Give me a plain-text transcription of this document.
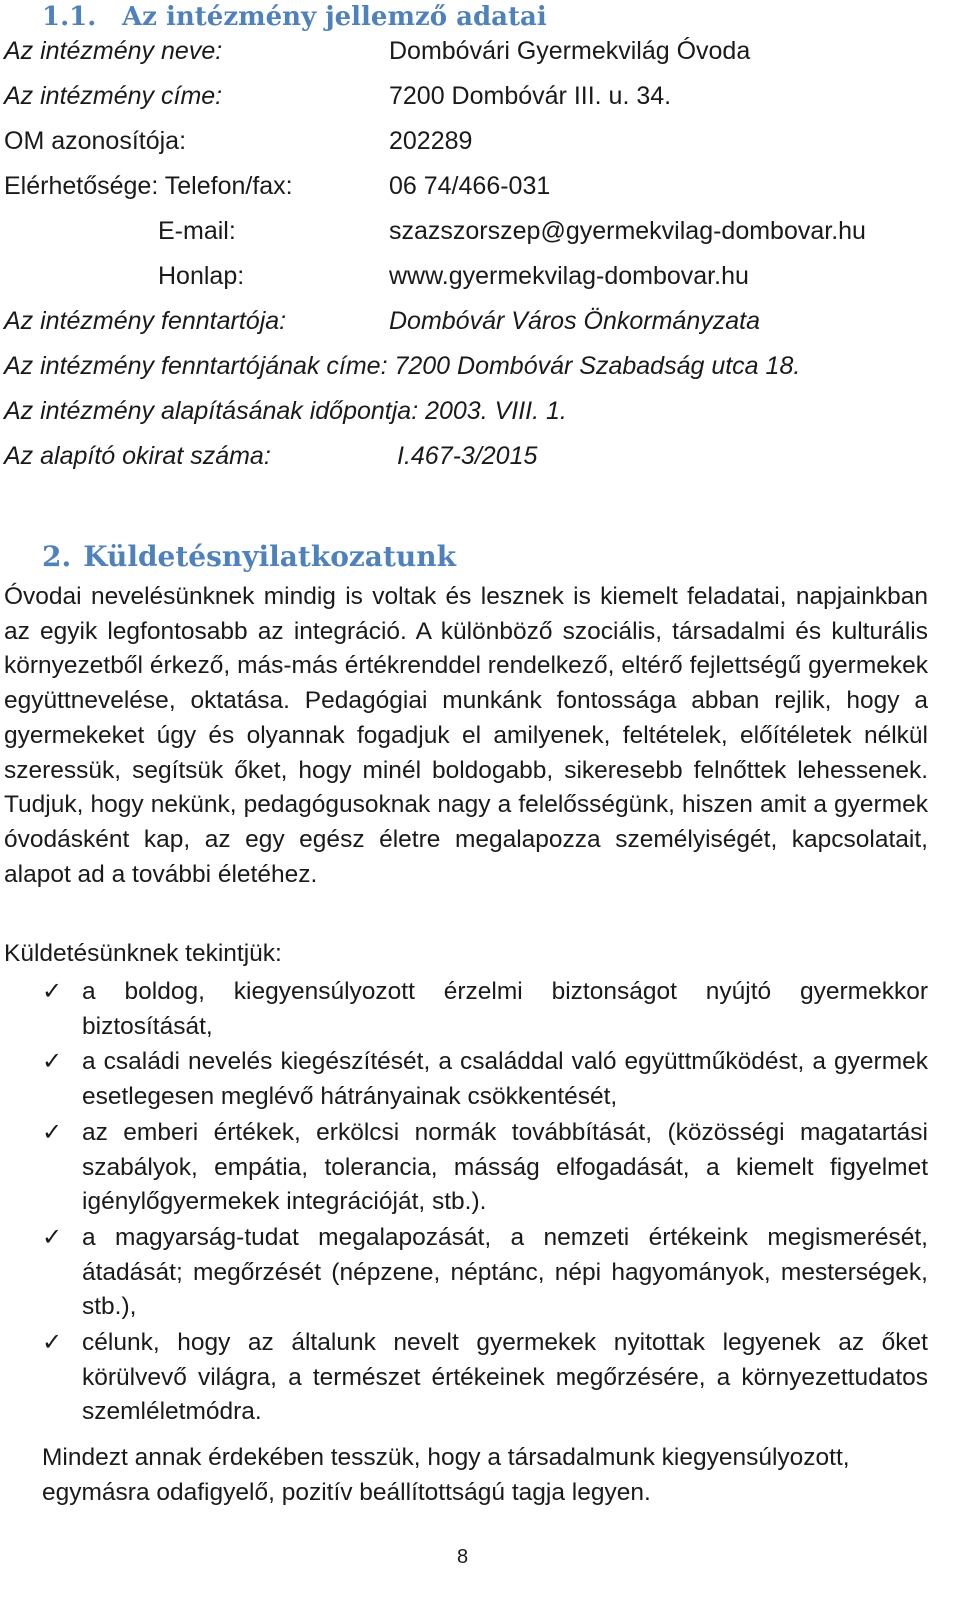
1.1. Az intézmény jellemző adatai
Az intézmény neve:	Dombóvári Gyermekvilág Óvoda
Az intézmény címe:	7200 Dombóvár III. u. 34.
OM azonosítója:	202289
Elérhetősége: Telefon/fax:	06 74/466-031
E-mail:	szazszorszep@gyermekvilag-dombovar.hu
Honlap:	www.gyermekvilag-dombovar.hu
Az intézmény fenntartója:	Dombóvár Város Önkormányzata
Az intézmény fenntartójának címe: 7200 Dombóvár Szabadság utca 18.
Az intézmény alapításának időpontja: 2003. VIII. 1.
Az alapító okirat száma:	I.467-3/2015
2. Küldetésnyilatkozatunk

Óvodai nevelésünknek mindig is voltak és lesznek is kiemelt feladatai, napjainkban az egyik legfontosabb az integráció. A különböző szociális, társadalmi és kulturális környezetből érkező, más-más értékrenddel rendelkező, eltérő fejlettségű gyermekek együttnevelése, oktatása. Pedagógiai munkánk fontossága abban rejlik, hogy a gyermekeket úgy és olyannak fogadjuk el amilyenek, feltételek, előítéletek nélkül szeressük, segítsük őket, hogy minél boldogabb, sikeresebb felnőttek lehessenek. Tudjuk, hogy nekünk, pedagógusoknak nagy a felelősségünk, hiszen amit a gyermek óvodásként kap, az egy egész életre megalapozza személyiségét, kapcsolatait, alapot ad a további életéhez.

Küldetésünknek tekintjük:
✓ a boldog, kiegyensúlyozott érzelmi biztonságot nyújtó gyermekkor biztosítását,
✓ a családi nevelés kiegészítését, a családdal való együttműködést, a gyermek esetlegesen meglévő hátrányainak csökkentését,
✓ az emberi értékek, erkölcsi normák továbbítását, (közösségi magatartási szabályok, empátia, tolerancia, másság elfogadását, a kiemelt figyelmet igénylőgyermekek integrációját, stb.).
✓ a magyarság-tudat megalapozását, a nemzeti értékeink megismerését, átadását; megőrzését (népzene, néptánc, népi hagyományok, mesterségek, stb.),
✓ célunk, hogy az általunk nevelt gyermekek nyitottak legyenek az őket körülvevő világra, a természet értékeinek megőrzésére, a környezettudatos szemléletmódra.

Mindezt annak érdekében tesszük, hogy a társadalmunk kiegyensúlyozott, egymásra odafigyelő, pozitív beállítottságú tagja legyen.

8
